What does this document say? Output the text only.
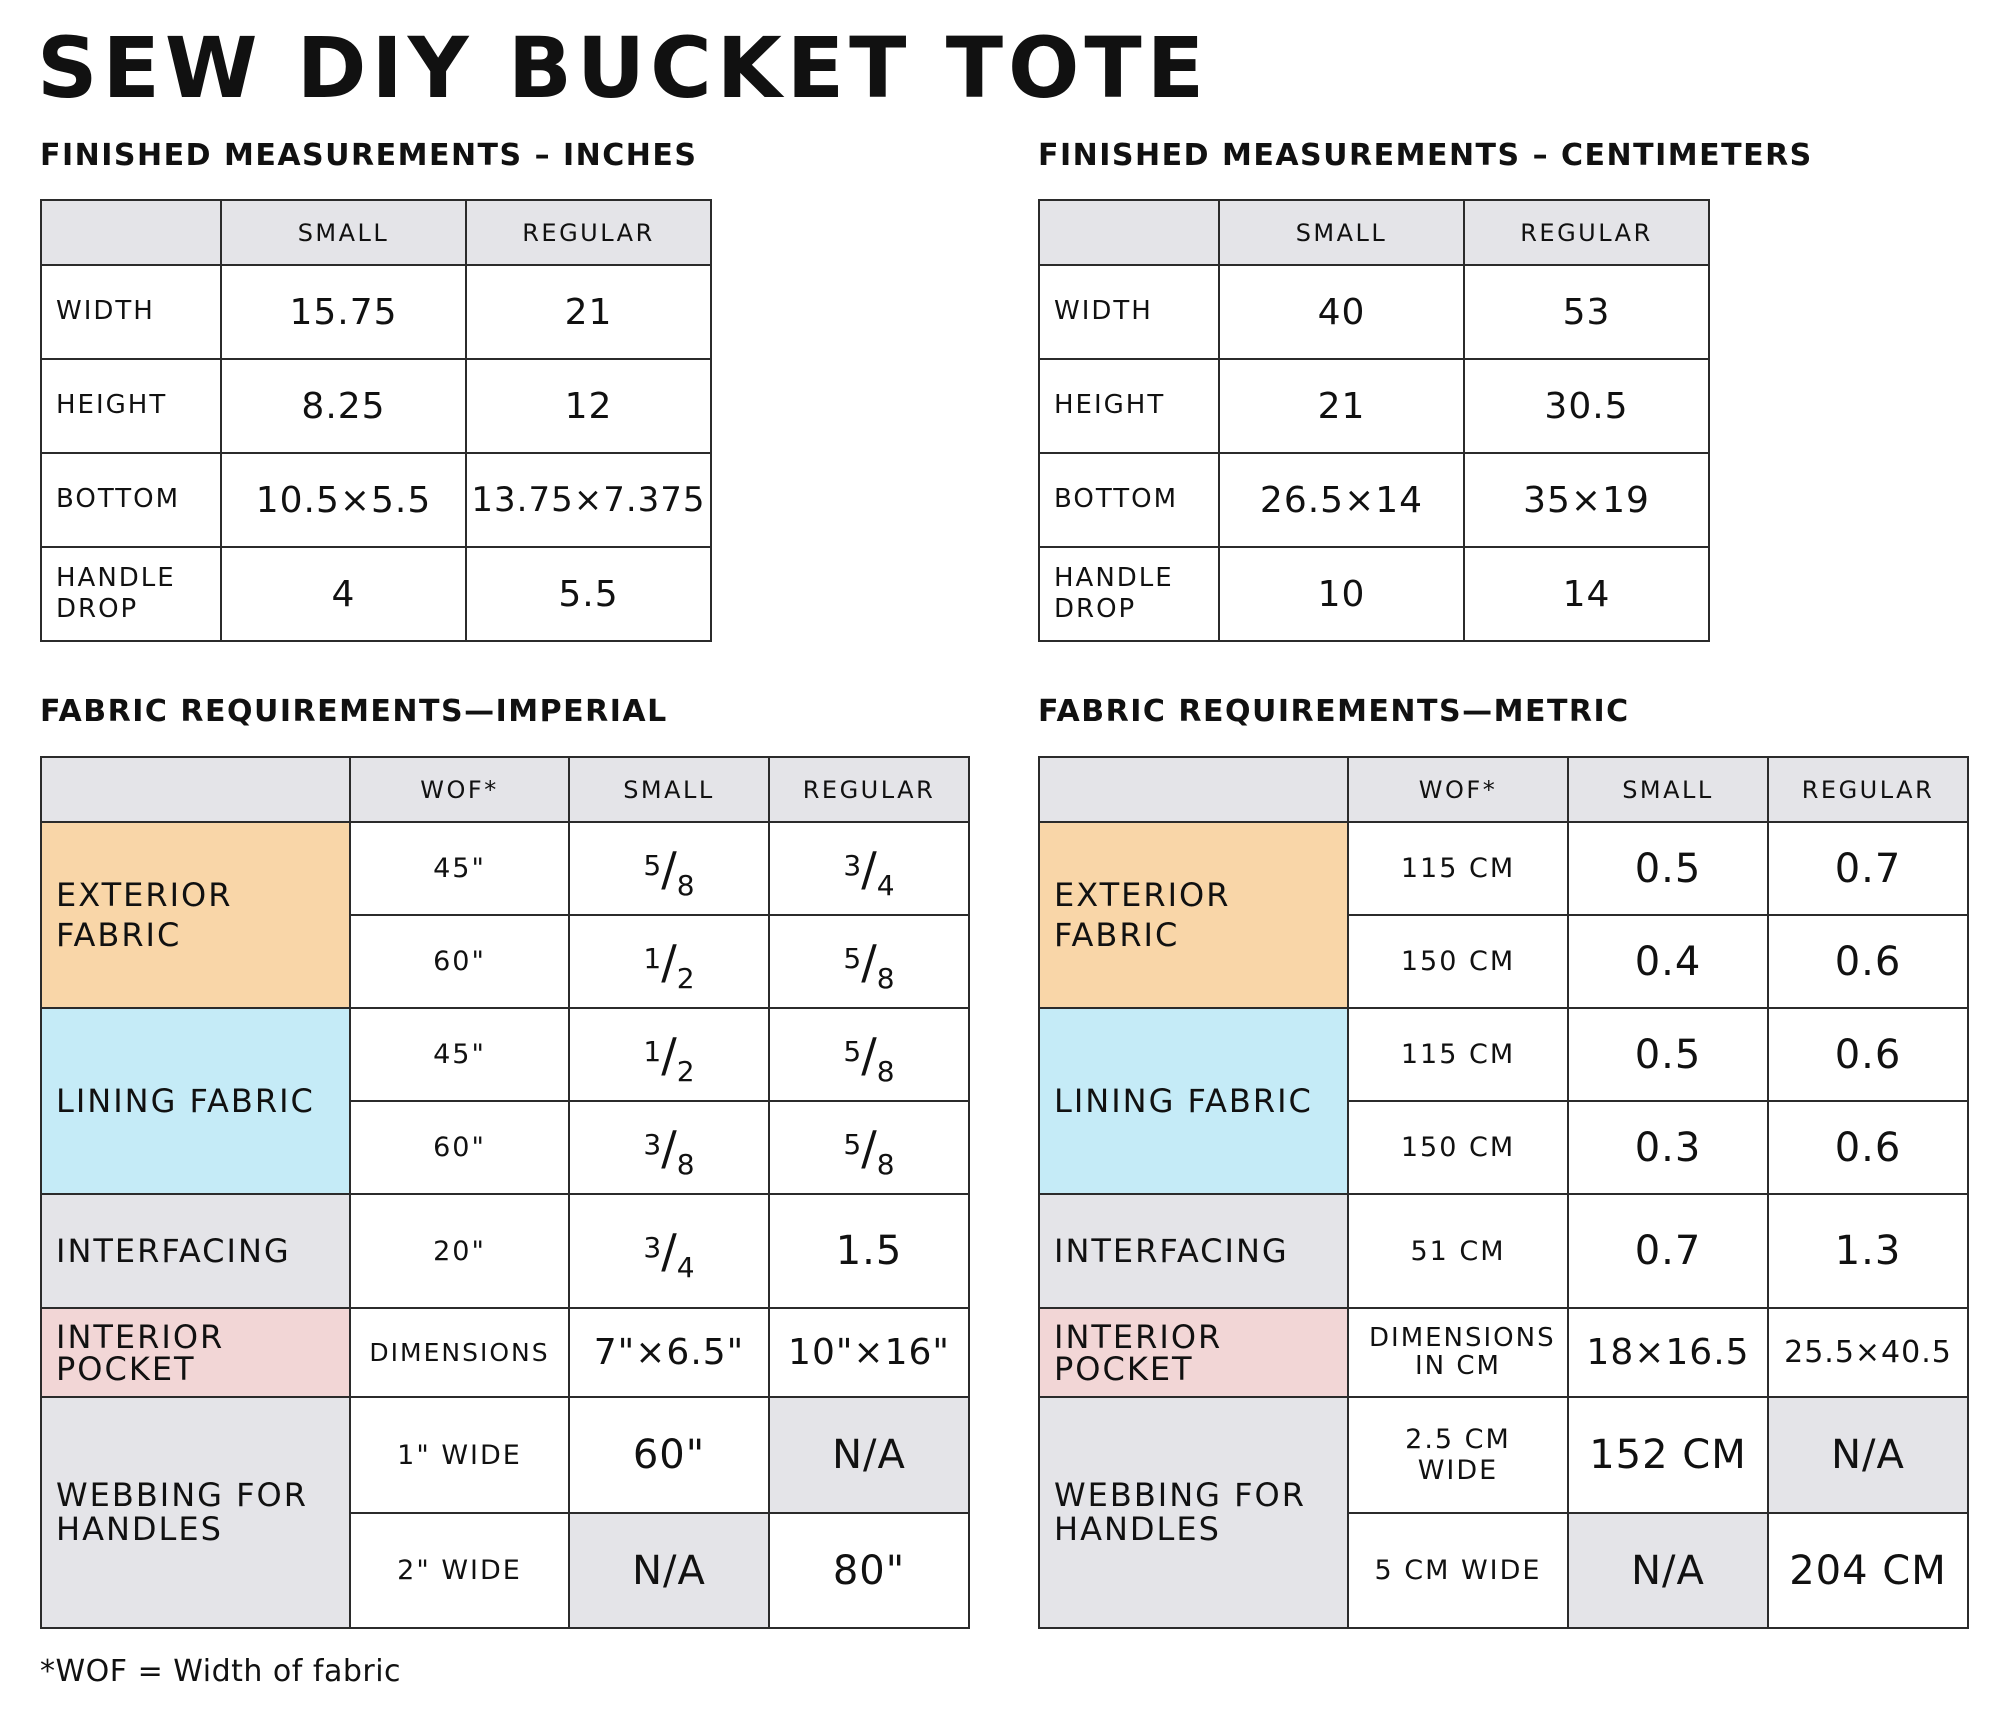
SEW DIY BUCKET TOTE
FINISHED MEASUREMENTS – INCHES
	SMALL	REGULAR
WIDTH	15.75	21
HEIGHT	8.25	12
BOTTOM	10.5×5.5	13.75×7.375
HANDLE DROP	4	5.5
FINISHED MEASUREMENTS – CENTIMETERS
	SMALL	REGULAR
WIDTH	40	53
HEIGHT	21	30.5
BOTTOM	26.5×14	35×19
HANDLE DROP	10	14
FABRIC REQUIREMENTS—IMPERIAL
	WOF*	SMALL	REGULAR
EXTERIOR FABRIC	45"	$^5/_8$	$^3/_4$
	60"	$^1/_2$	$^5/_8$
LINING FABRIC	45"	$^1/_2$	$^5/_8$
	60"	$^3/_8$	$^5/_8$
INTERFACING	20"	$^3/_4$	1.5
INTERIOR POCKET	DIMENSIONS	7"×6.5"	10"×16"
WEBBING FOR HANDLES	1" WIDE	60"	N/A
	2" WIDE	N/A	80"
FABRIC REQUIREMENTS—METRIC
	WOF*	SMALL	REGULAR
EXTERIOR FABRIC	115 CM	0.5	0.7
	150 CM	0.4	0.6
LINING FABRIC	115 CM	0.5	0.6
	150 CM	0.3	0.6
INTERFACING	51 CM	0.7	1.3
INTERIOR POCKET	DIMENSIONS IN CM	18×16.5	25.5×40.5
WEBBING FOR HANDLES	2.5 CM WIDE	152 CM	N/A
	5 CM WIDE	N/A	204 CM

*WOF = Width of fabric
